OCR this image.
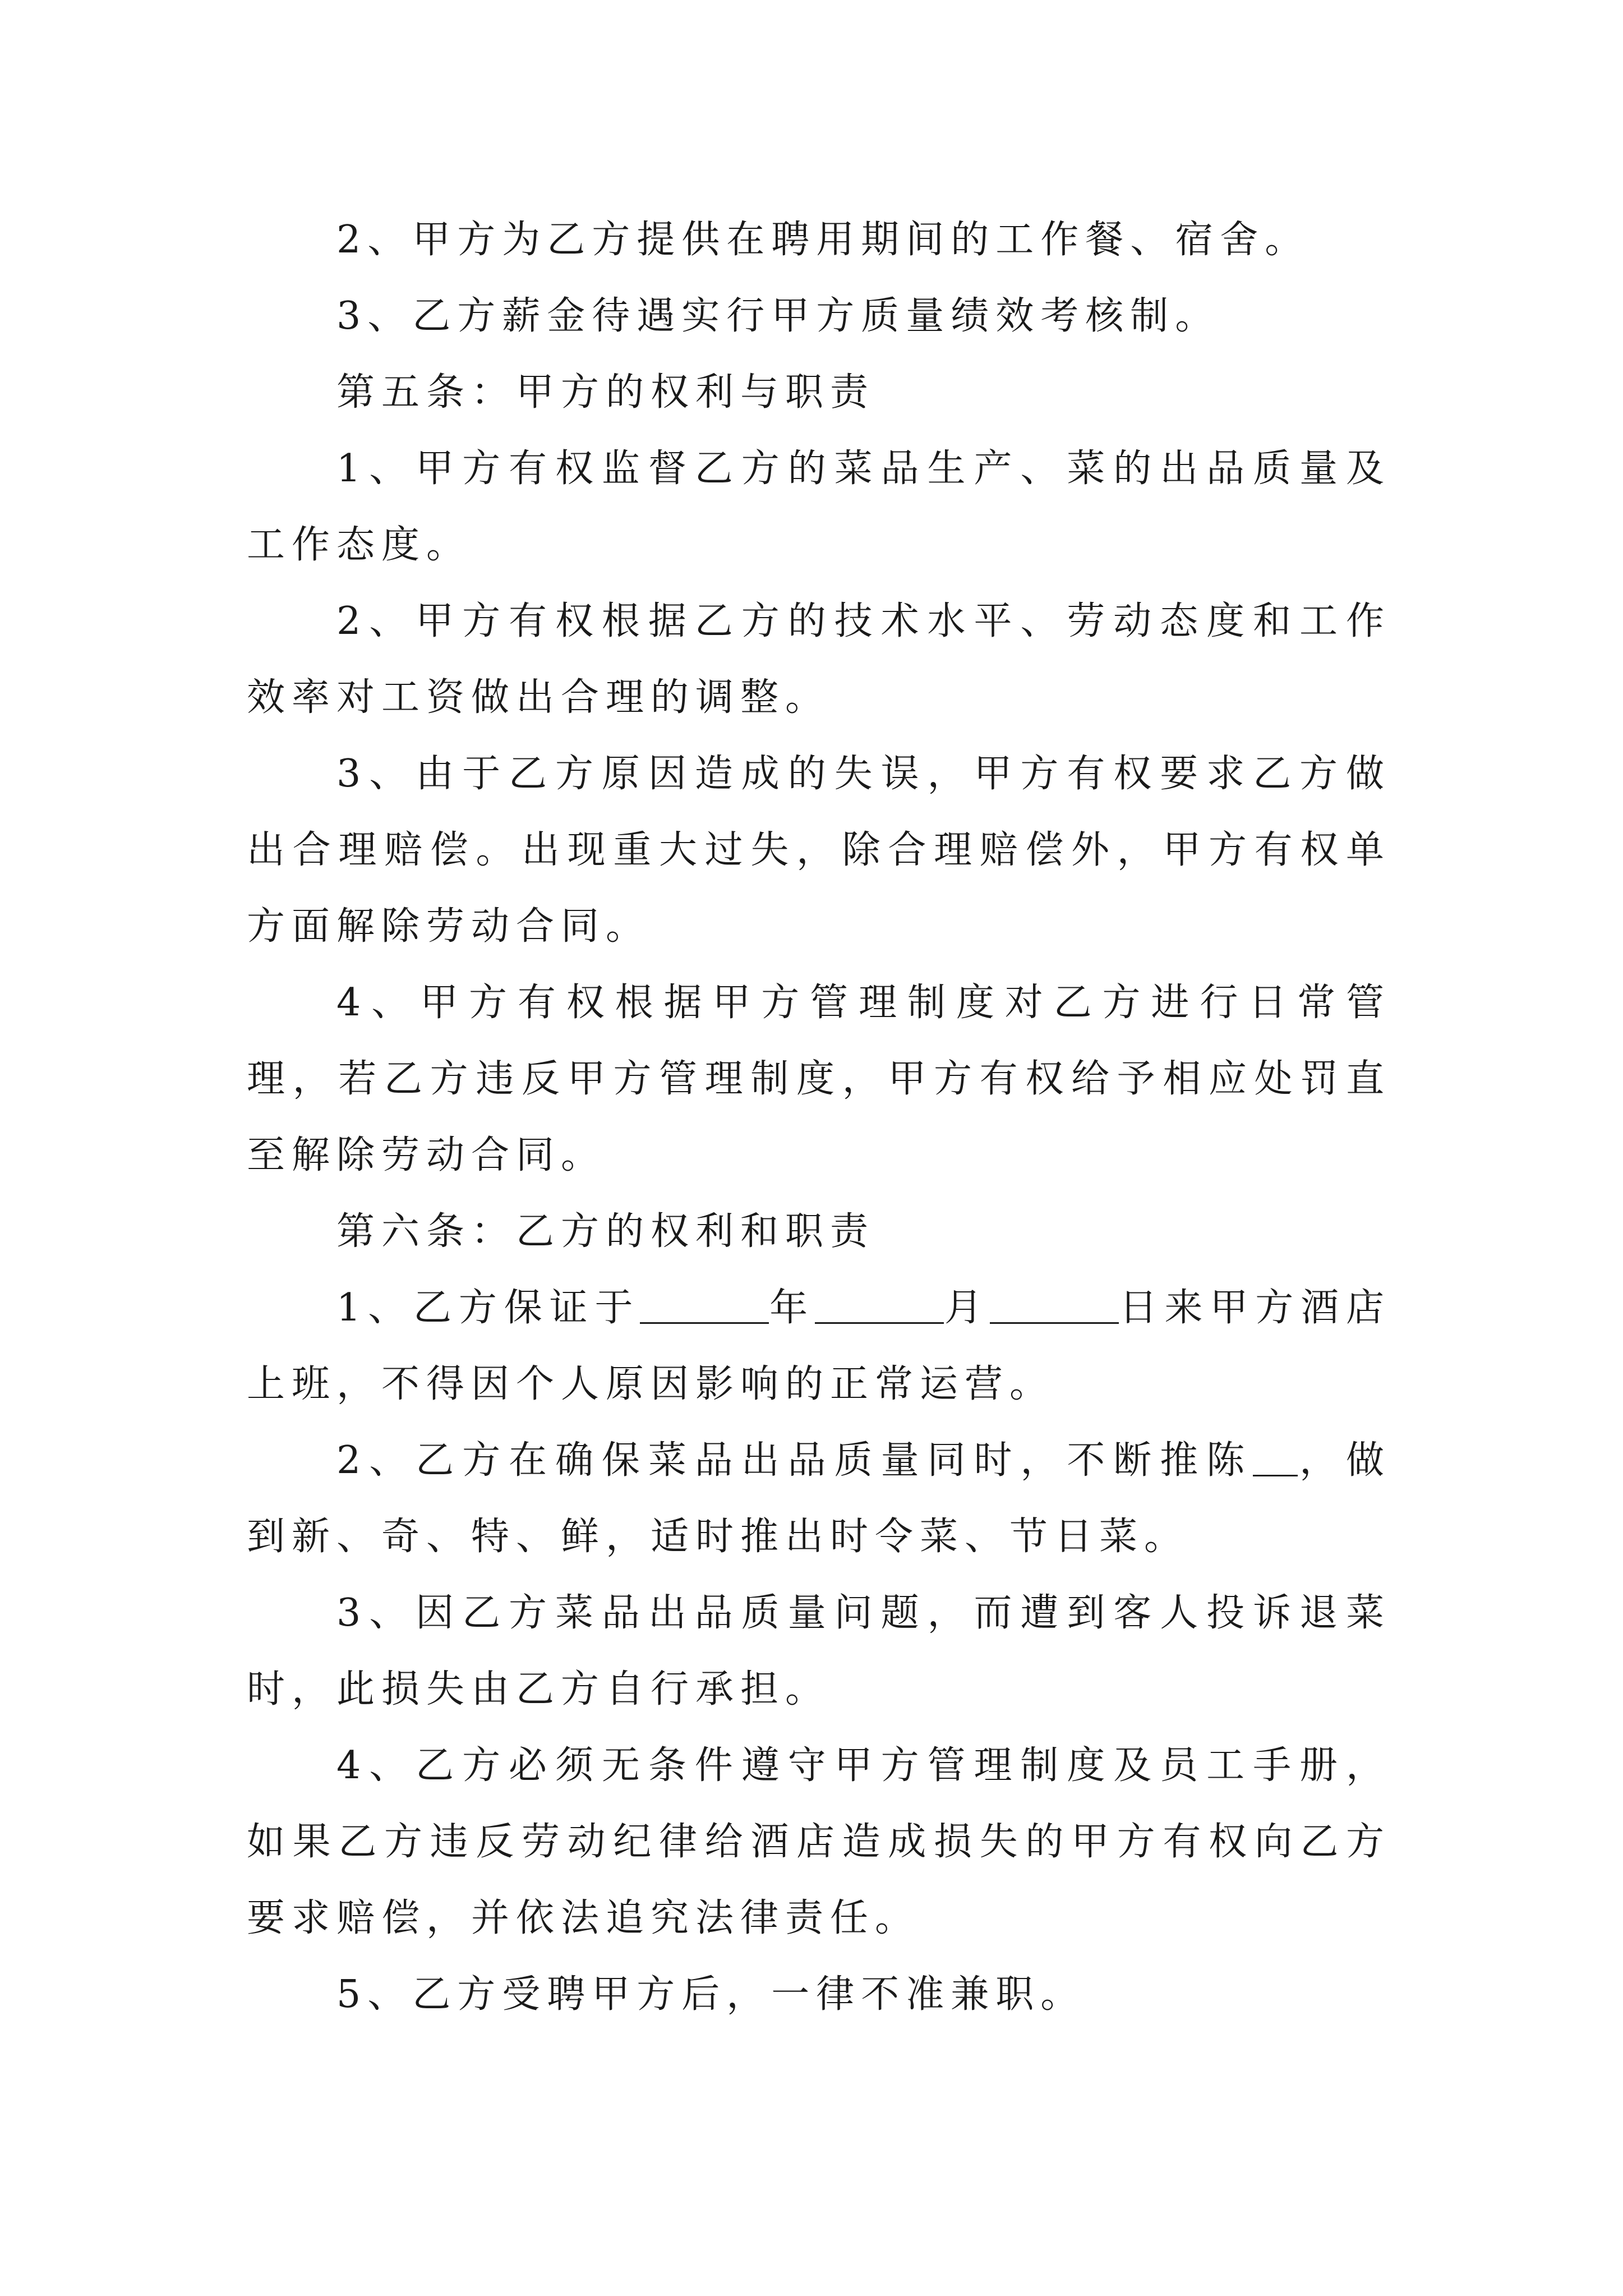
2、甲方为乙方提供在聘用期间的工作餐、宿舍。

3、乙方薪金待遇实行甲方质量绩效考核制。

第五条：甲方的权利与职责

1、甲方有权监督乙方的菜品生产、菜的出品质量及工作态度。

2、甲方有权根据乙方的技术水平、劳动态度和工作效率对工资做出合理的调整。

3、由于乙方原因造成的失误，甲方有权要求乙方做出合理赔偿。出现重大过失，除合理赔偿外，甲方有权单方面解除劳动合同。

4、甲方有权根据甲方管理制度对乙方进行日常管理，若乙方违反甲方管理制度，甲方有权给予相应处罚直至解除劳动合同。

第六条：乙方的权利和职责

1、乙方保证于	年	月	日来甲方酒店上班，不得因个人原因影响的正常运营。

2、乙方在确保菜品出品质量同时，不断推陈 ，做到新、奇、特、鲜，适时推出时令菜、节日菜。

3、因乙方菜品出品质量问题，而遭到客人投诉退菜时，此损失由乙方自行承担。

4、乙方必须无条件遵守甲方管理制度及员工手册，如果乙方违反劳动纪律给酒店造成损失的甲方有权向乙方要求赔偿，并依法追究法律责任。

5、乙方受聘甲方后，一律不准兼职。
